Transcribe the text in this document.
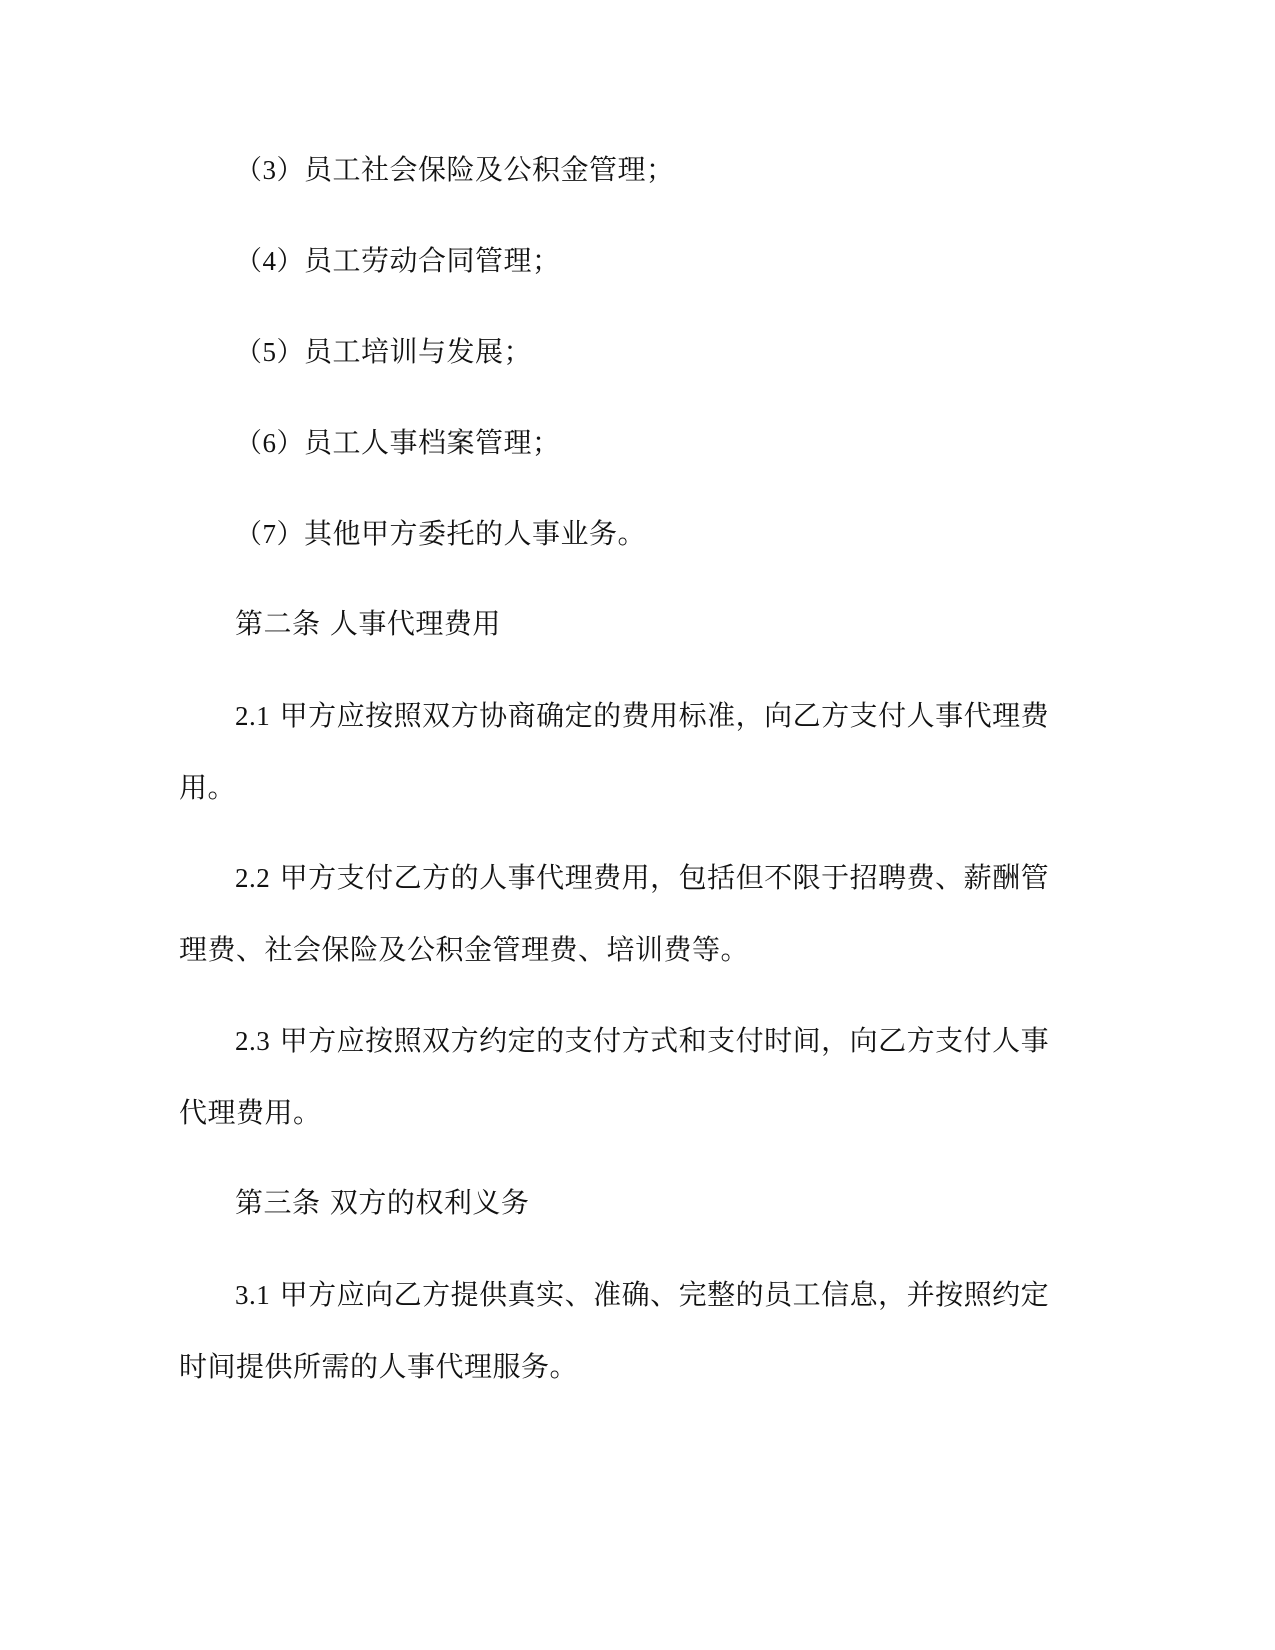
（3）员工社会保险及公积金管理；
（4）员工劳动合同管理；
（5）员工培训与发展；
（6）员工人事档案管理；
（7）其他甲方委托的人事业务。
第二条 人事代理费用
2.1 甲方应按照双方协商确定的费用标准，向乙方支付人事代理费
用。
2.2 甲方支付乙方的人事代理费用，包括但不限于招聘费、薪酬管
理费、社会保险及公积金管理费、培训费等。
2.3 甲方应按照双方约定的支付方式和支付时间，向乙方支付人事
代理费用。
第三条 双方的权利义务
3.1 甲方应向乙方提供真实、准确、完整的员工信息，并按照约定
时间提供所需的人事代理服务。
